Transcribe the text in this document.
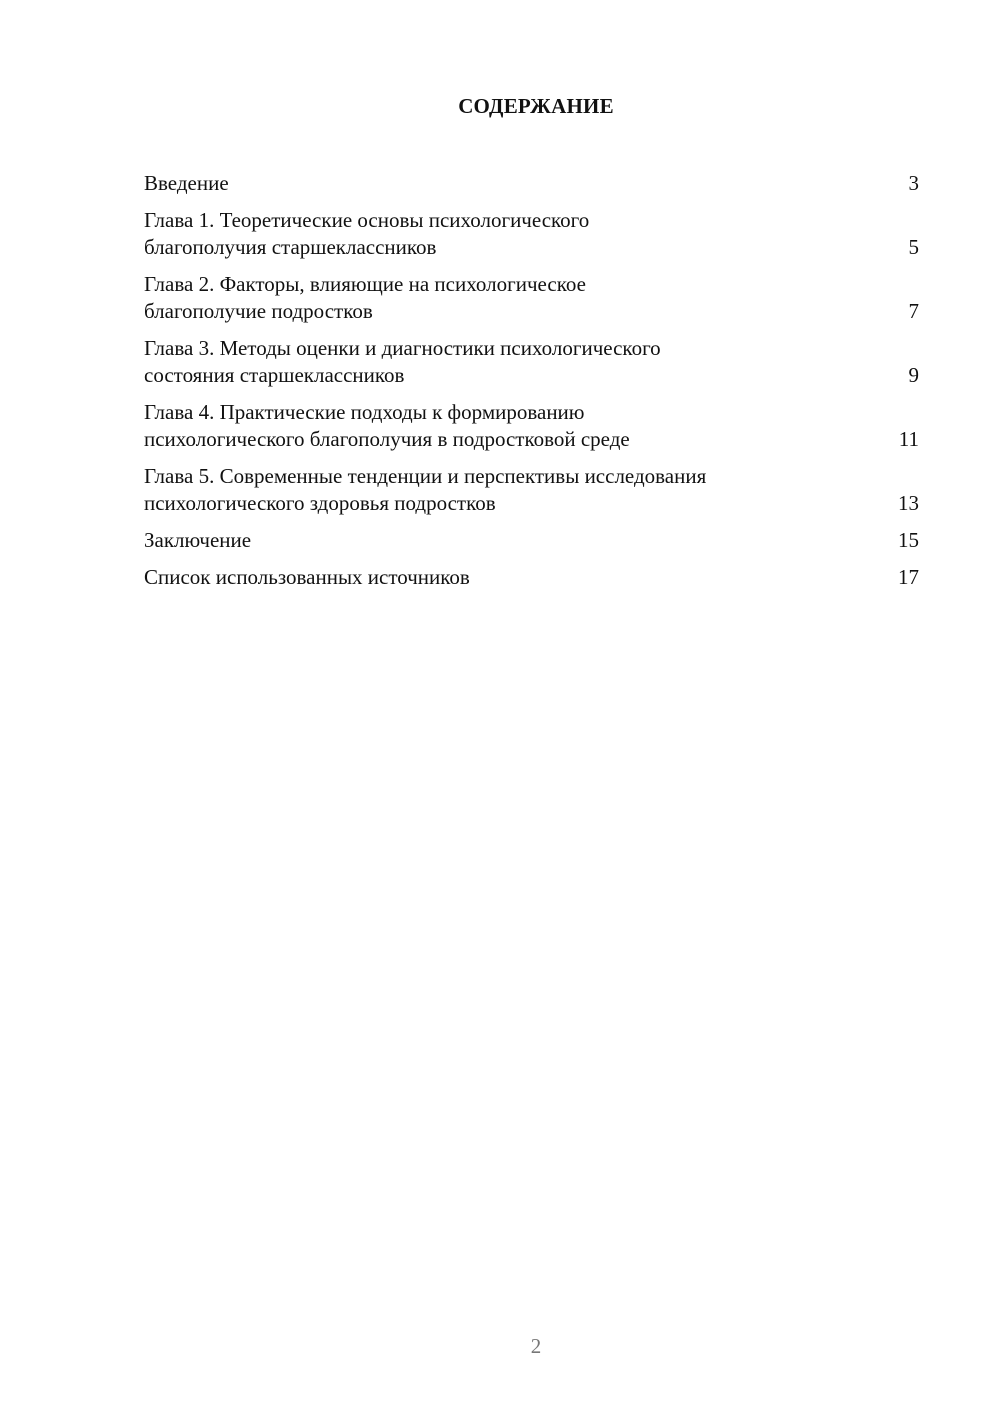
СОДЕРЖАНИЕ
Введение	3
Глава 1. Теоретические основы психологического
благополучия старшеклассников	5
Глава 2. Факторы, влияющие на психологическое
благополучие подростков	7
Глава 3. Методы оценки и диагностики психологического
состояния старшеклассников	9
Глава 4. Практические подходы к формированию
психологического благополучия в подростковой среде	11
Глава 5. Современные тенденции и перспективы исследования
психологического здоровья подростков	13
Заключение	15
Список использованных источников	17
2
